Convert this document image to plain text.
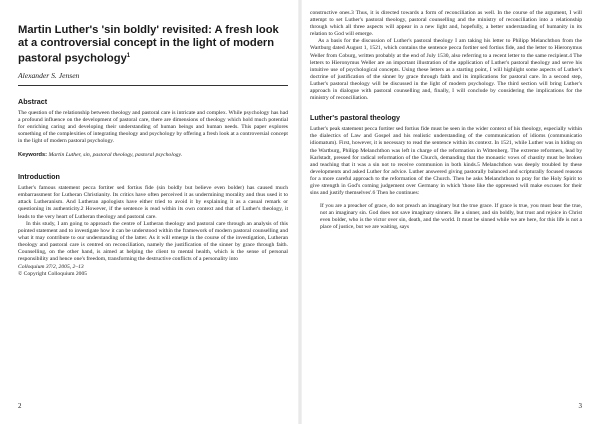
Martin Luther's 'sin boldly' revisited: A fresh look at a controversial concept in the light of modern pastoral psychology$^1$
Alexander S. Jensen
Abstract
The question of the relationship between theology and pastoral care is intricate and complex. While psychology has had a profound influence on the development of pastoral care, there are dimensions of theology which hold much potential for enriching caring and developing their understanding of human beings and human needs. This paper explores something of the complexities of integrating theology and psychology by offering a fresh look at a controversial concept in the light of modern pastoral psychology.
Keywords: Martin Luther, sin, pastoral theology, pastoral psychology.
Introduction
Luther's famous statement pecca fortiter sed fortius fide (sin boldly but believe even bolder) has caused much embarrassment for Lutheran Christianity. Its critics have often perceived it as undermining morality and thus used it to attack Lutheranism. And Lutheran apologists have either tried to avoid it by explaining it as a casual remark or questioning its authenticity.2 However, if the sentence is read within its own context and that of Luther's theology, it leads to the very heart of Lutheran theology and pastoral care.
In this study, I am going to approach the centre of Lutheran theology and pastoral care through an analysis of this pointed statement and to investigate how it can be understood within the framework of modern pastoral counselling and what it may contribute to our understanding of the latter. As it will emerge in the course of the investigation, Lutheran theology and pastoral care is centred on reconciliation, namely the justification of the sinner by grace through faith. Counselling, on the other hand, is aimed at helping the client to mental health, which is the sense of personal responsibility and hence one's freedom, transforming the destructive conflicts of a personality into
Colloquium 37/2, 2005, 2–13
© Copyright Colloquium 2005
2
constructive ones.3 Thus, it is directed towards a form of reconciliation as well. In the course of the argument, I will attempt to set Luther's pastoral theology, pastoral counselling and the ministry of reconciliation into a relationship through which all three aspects will appear in a new light and, hopefully, a better understanding of humanity in its relation to God will emerge.
As a basis for the discussion of Luther's pastoral theology I am taking his letter to Philipp Melanchthon from the Wartburg dated August 1, 1521, which contains the sentence pecca fortiter sed fortius fide, and the letter to Hieronymus Weller from Coburg, written probably at the end of July 1530, also referring to a recent letter to the same recipient.4 The letters to Hieronymus Weller are an important illustration of the application of Luther's pastoral theology and serve his intuitive use of psychological concepts. Using these letters as a starting point, I will highlight some aspects of Luther's doctrine of justification of the sinner by grace through faith and its implications for pastoral care. In a second step, Luther's pastoral theology will be discussed in the light of modern psychology. The third section will bring Luther's approach in dialogue with pastoral counselling and, finally, I will conclude by considering the implications for the ministry of reconciliation.
Luther's pastoral theology
Luther's peak statement pecca fortiter sed fortius fide must be seen in the wider context of his theology, especially within the dialectics of Law and Gospel and his realistic understanding of the communication of idioms (communicatio idiomatum). First, however, it is necessary to read the sentence within its context. In 1521, while Luther was in hiding on the Wartburg, Philipp Melanchthon was left in charge of the reformation in Wittenberg. The extreme reformers, lead by Karlstadt, pressed for radical reformation of the Church, demanding that the monastic vows of chastity must be broken and teaching that it was a sin not to receive communion in both kinds.5 Melanchthon was deeply troubled by these developments and asked Luther for advice. Luther answered giving pastorally balanced and scripturally focused reasons for a more careful approach to the reformation of the Church. Then he asks Melanchthon to pray for the Holy Spirit to give strength in God's coming judgement over Germany in which 'those like the oppressed will make excuses for their sins and justify themselves'.6 Then he continues:
If you are a preacher of grace, do not preach an imaginary but the true grace. If grace is true, you must bear the true, not an imaginary sin. God does not save imaginary sinners. Be a sinner, and sin boldly, but trust and rejoice in Christ even bolder, who is the victor over sin, death, and the world. It must be sinned while we are here, for this life is not a place of justice, but we are waiting, says
3
